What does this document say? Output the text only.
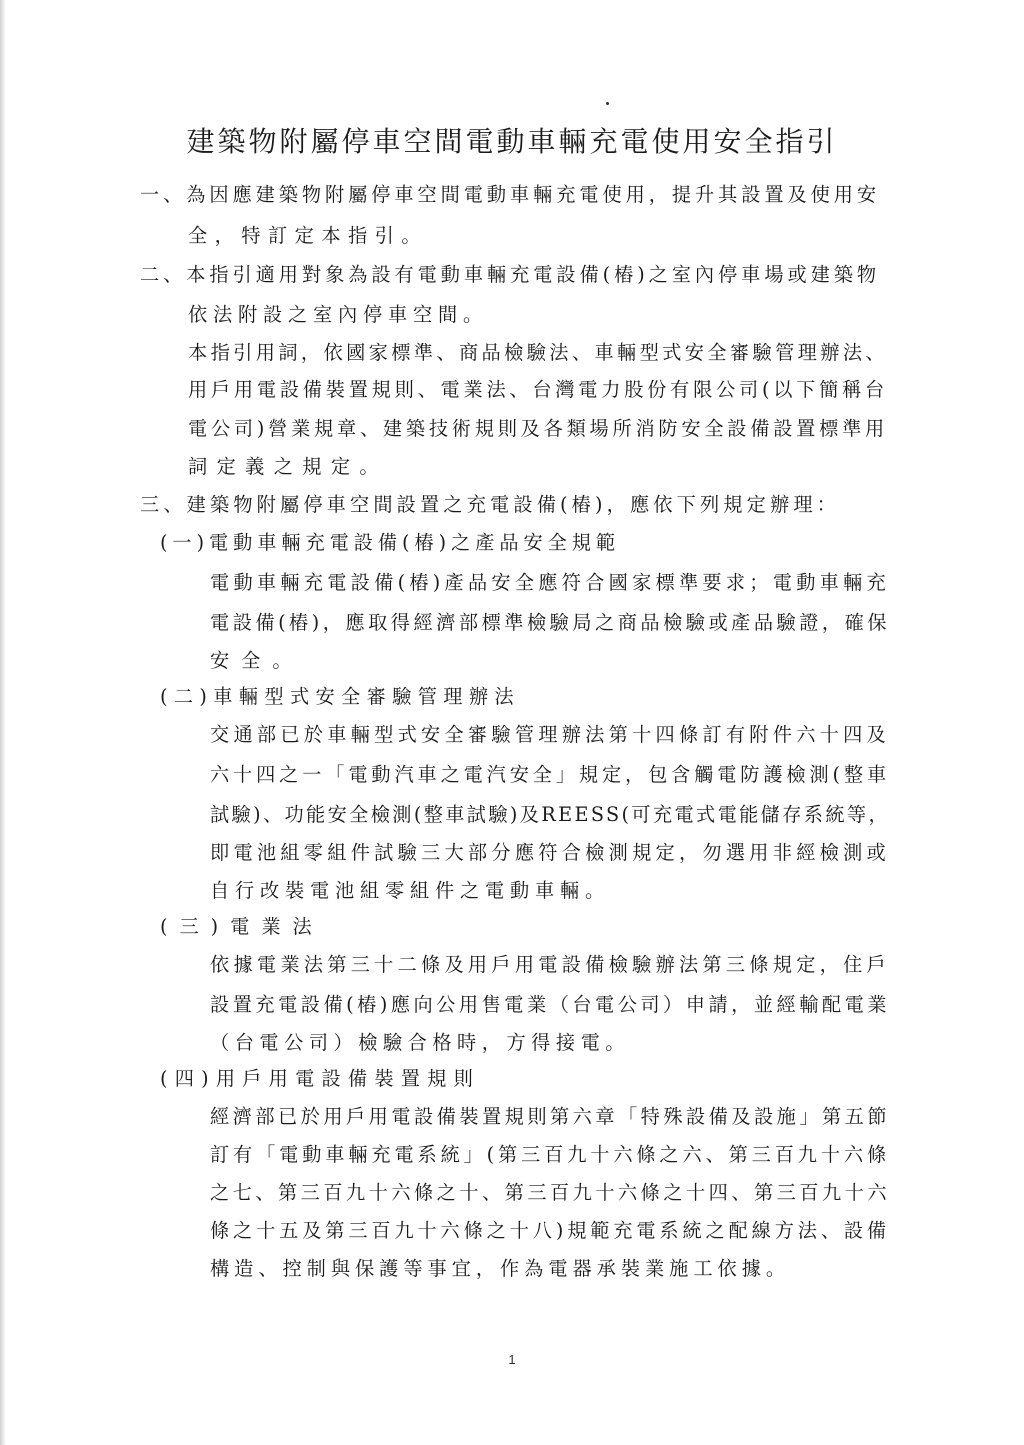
建築物附屬停車空間電動車輛充電使用安全指引
一、為因應建築物附屬停車空間電動車輛充電使用，提升其設置及使用安
全，特訂定本指引。
二、本指引適用對象為設有電動車輛充電設備(樁)之室內停車場或建築物
依法附設之室內停車空間。
本指引用詞，依國家標準、商品檢驗法、車輛型式安全審驗管理辦法、
用戶用電設備裝置規則、電業法、台灣電力股份有限公司(以下簡稱台
電公司)營業規章、建築技術規則及各類場所消防安全設備設置標準用
詞定義之規定。
三、建築物附屬停車空間設置之充電設備(樁)，應依下列規定辦理：
(一)電動車輛充電設備(樁)之產品安全規範
電動車輛充電設備(樁)產品安全應符合國家標準要求；電動車輛充
電設備(樁)，應取得經濟部標準檢驗局之商品檢驗或產品驗證，確保
安全。
(二)車輛型式安全審驗管理辦法
交通部已於車輛型式安全審驗管理辦法第十四條訂有附件六十四及
六十四之一「電動汽車之電汽安全」規定，包含觸電防護檢測(整車
試驗)、功能安全檢測(整車試驗)及REESS(可充電式電能儲存系統等，
即電池組零組件試驗三大部分應符合檢測規定，勿選用非經檢測或
自行改裝電池組零組件之電動車輛。
(三)電業法
依據電業法第三十二條及用戶用電設備檢驗辦法第三條規定，住戶
設置充電設備(樁)應向公用售電業（台電公司）申請，並經輸配電業
（台電公司）檢驗合格時，方得接電。
(四)用戶用電設備裝置規則
經濟部已於用戶用電設備裝置規則第六章「特殊設備及設施」第五節
訂有「電動車輛充電系統」(第三百九十六條之六、第三百九十六條
之七、第三百九十六條之十、第三百九十六條之十四、第三百九十六
條之十五及第三百九十六條之十八)規範充電系統之配線方法、設備
構造、控制與保護等事宜，作為電器承裝業施工依據。
1
